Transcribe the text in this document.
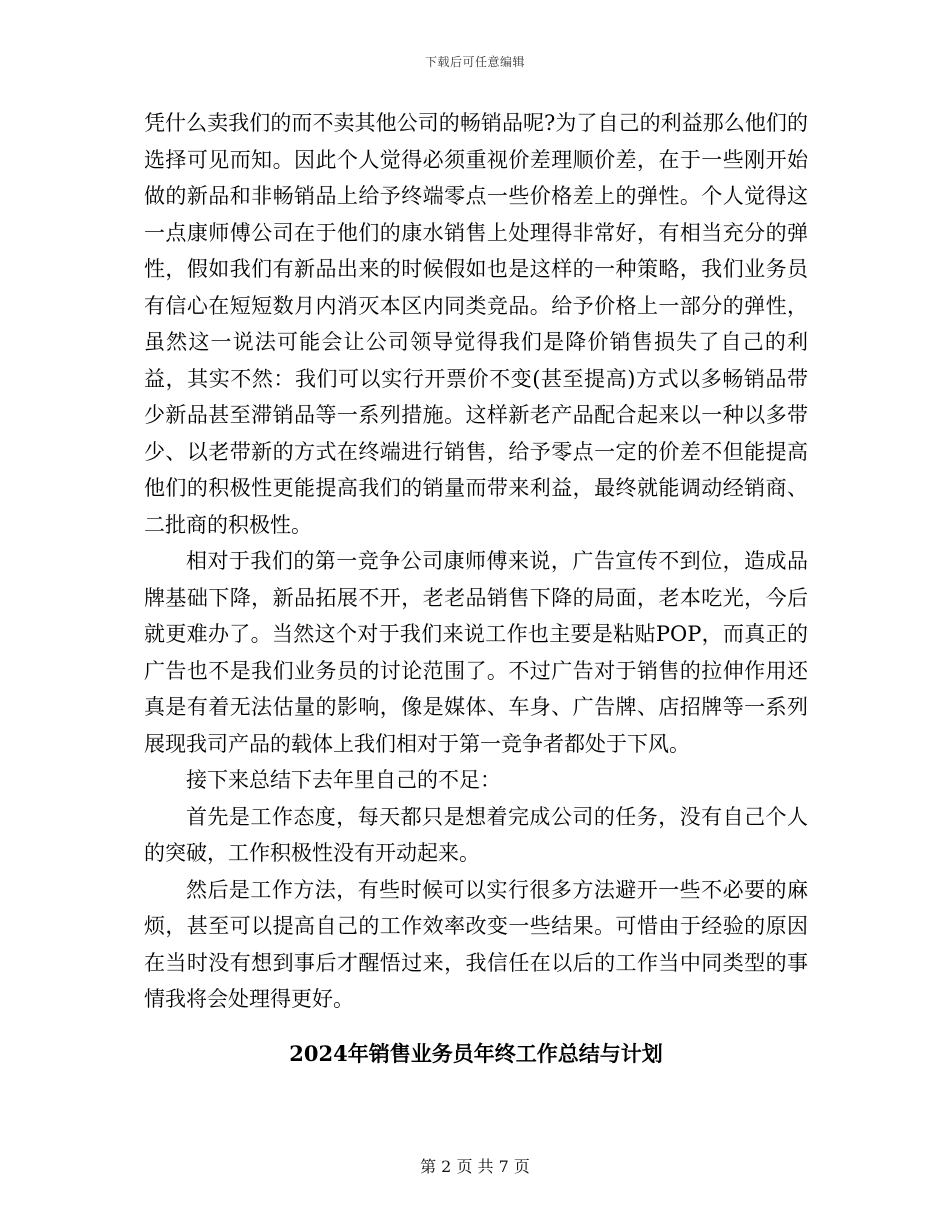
下载后可任意编辑

凭什么卖我们的而不卖其他公司的畅销品呢?为了自己的利益那么他们的选择可见而知。因此个人觉得必须重视价差理顺价差，在于一些刚开始做的新品和非畅销品上给予终端零点一些价格差上的弹性。个人觉得这一点康师傅公司在于他们的康水销售上处理得非常好，有相当充分的弹性，假如我们有新品出来的时候假如也是这样的一种策略，我们业务员有信心在短短数月内消灭本区内同类竞品。给予价格上一部分的弹性，虽然这一说法可能会让公司领导觉得我们是降价销售损失了自己的利益，其实不然：我们可以实行开票价不变(甚至提高)方式以多畅销品带少新品甚至滞销品等一系列措施。这样新老产品配合起来以一种以多带少、以老带新的方式在终端进行销售，给予零点一定的价差不但能提高他们的积极性更能提高我们的销量而带来利益，最终就能调动经销商、二批商的积极性。

相对于我们的第一竞争公司康师傅来说，广告宣传不到位，造成品牌基础下降，新品拓展不开，老老品销售下降的局面，老本吃光，今后就更难办了。当然这个对于我们来说工作也主要是粘贴POP，而真正的广告也不是我们业务员的讨论范围了。不过广告对于销售的拉伸作用还真是有着无法估量的影响，像是媒体、车身、广告牌、店招牌等一系列展现我司产品的载体上我们相对于第一竞争者都处于下风。

接下来总结下去年里自己的不足：

首先是工作态度，每天都只是想着完成公司的任务，没有自己个人的突破，工作积极性没有开动起来。

然后是工作方法，有些时候可以实行很多方法避开一些不必要的麻烦，甚至可以提高自己的工作效率改变一些结果。可惜由于经验的原因在当时没有想到事后才醒悟过来，我信任在以后的工作当中同类型的事情我将会处理得更好。

2024年销售业务员年终工作总结与计划
第 2 页 共 7 页
